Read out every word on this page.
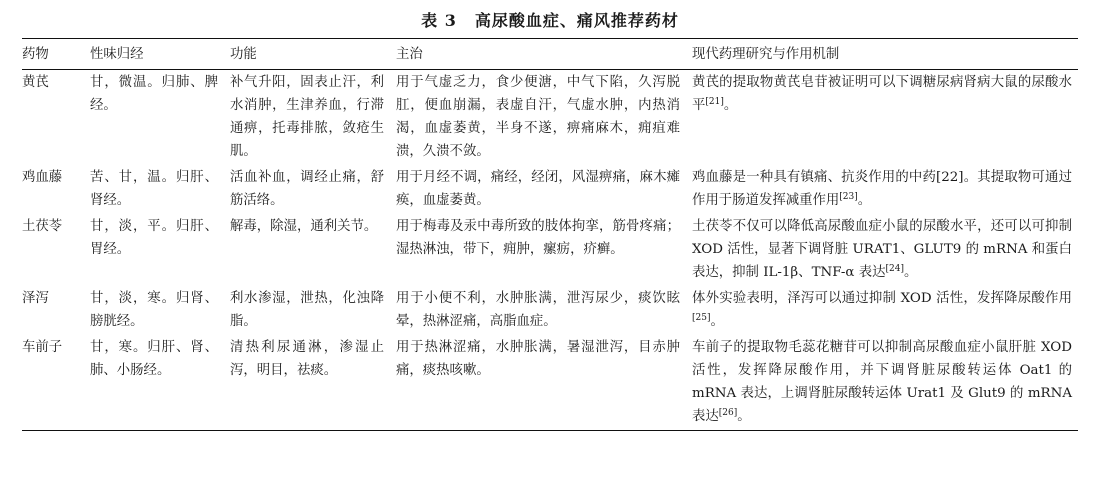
表 3 高尿酸血症、痛风推荐药材
药物	性味归经	功能	主治	现代药理研究与作用机制
黄芪	甘，微温。归肺、脾经。	补气升阳，固表止汗，利水消肿，生津养血，行滞通痹，托毒排脓，敛疮生肌。	用于气虚乏力，食少便溏，中气下陷，久泻脱肛，便血崩漏，表虚自汗，气虚水肿，内热消渴，血虚萎黄，半身不遂，痹痛麻木，痈疽难溃，久溃不敛。	黄芪的提取物黄芪皂苷被证明可以下调糖尿病肾病大鼠的尿酸水平[21]。
鸡血藤	苦、甘，温。归肝、肾经。	活血补血，调经止痛，舒筋活络。	用于月经不调，痛经，经闭，风湿痹痛，麻木瘫痪，血虚萎黄。	鸡血藤是一种具有镇痛、抗炎作用的中药[22]。其提取物可通过作用于肠道发挥减重作用[23]。
土茯苓	甘，淡，平。归肝、胃经。	解毒，除湿，通利关节。	用于梅毒及汞中毒所致的肢体拘挛，筋骨疼痛；湿热淋浊，带下，痈肿，瘰疬，疥癣。	土茯苓不仅可以降低高尿酸血症小鼠的尿酸水平，还可以可抑制 XOD 活性，显著下调肾脏 URAT1、GLUT9 的 mRNA 和蛋白表达，抑制 IL-1β、TNF-α 表达[24]。
泽泻	甘，淡，寒。归肾、膀胱经。	利水渗湿，泄热，化浊降脂。	用于小便不利，水肿胀满，泄泻尿少，痰饮眩晕，热淋涩痛，高脂血症。	体外实验表明，泽泻可以通过抑制 XOD 活性，发挥降尿酸作用[25]。
车前子	甘，寒。归肝、肾、肺、小肠经。	清热利尿通淋，渗湿止泻，明目，祛痰。	用于热淋涩痛，水肿胀满，暑湿泄泻，目赤肿痛，痰热咳嗽。	车前子的提取物毛蕊花糖苷可以抑制高尿酸血症小鼠肝脏 XOD 活性，发挥降尿酸作用，并下调肾脏尿酸转运体 Oat1 的 mRNA 表达，上调肾脏尿酸转运体 Urat1 及 Glut9 的 mRNA 表达[26]。
